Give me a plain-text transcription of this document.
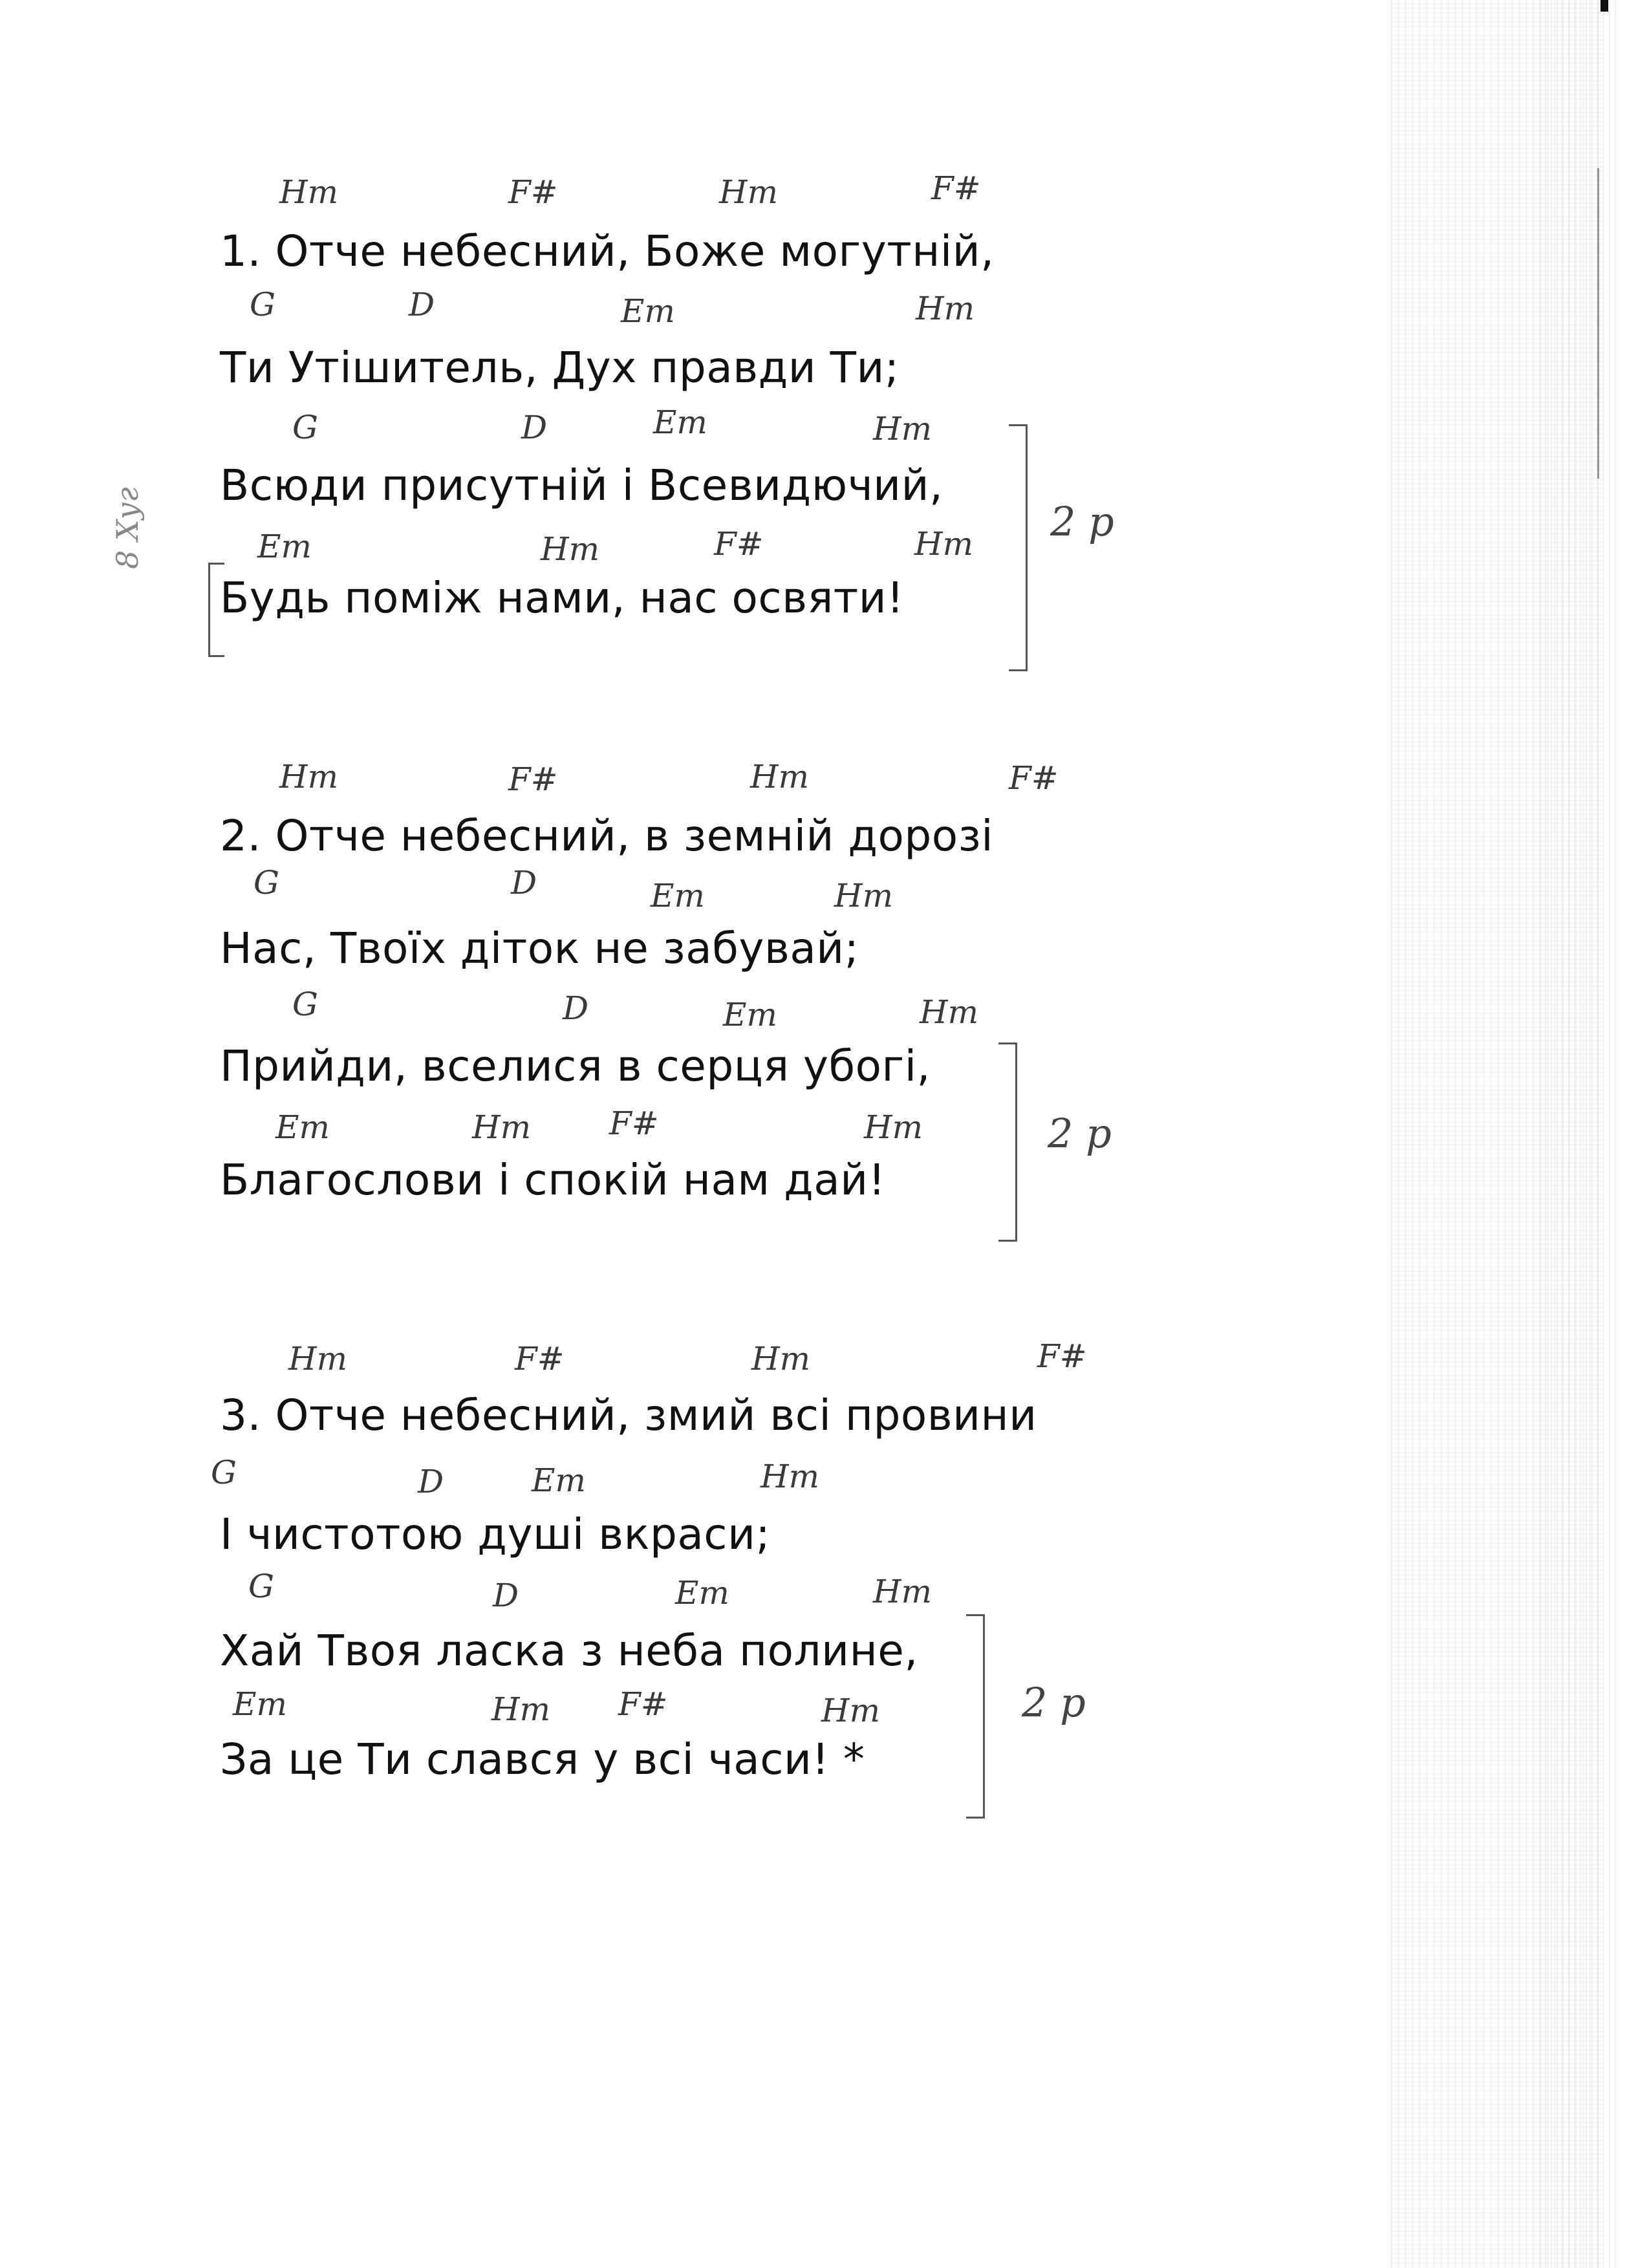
8 Хуг
Hm	F#	Hm	F#
1. Отче небесний, Боже могутній,
G	D	Em	Hm
Ти Утішитель, Дух правди Ти;
G	D	Em	Hm
Всюди присутній і Всевидючий,
Em	Hm	F#	Hm
Будь поміж нами, нас освяти!
2 р
Hm	F#	Hm	F#
2. Отче небесний, в земній дорозі
G	D	Em	Hm
Нас, Твоїх діток не забувай;
G	D	Em	Hm
Прийди, вселися в серця убогі,
Em	Hm F#	Hm
Благослови і спокій нам дай!
2 р
Hm	F#	Hm	F#
3. Отче небесний, змий всі провини
G	D	Em	Hm
І чистотою душі вкраси;
G	D	Em	Hm
Хай Твоя ласка з неба полине,
Em	Hm F#	Hm
За це Ти слався у всі часи! *
2 р
